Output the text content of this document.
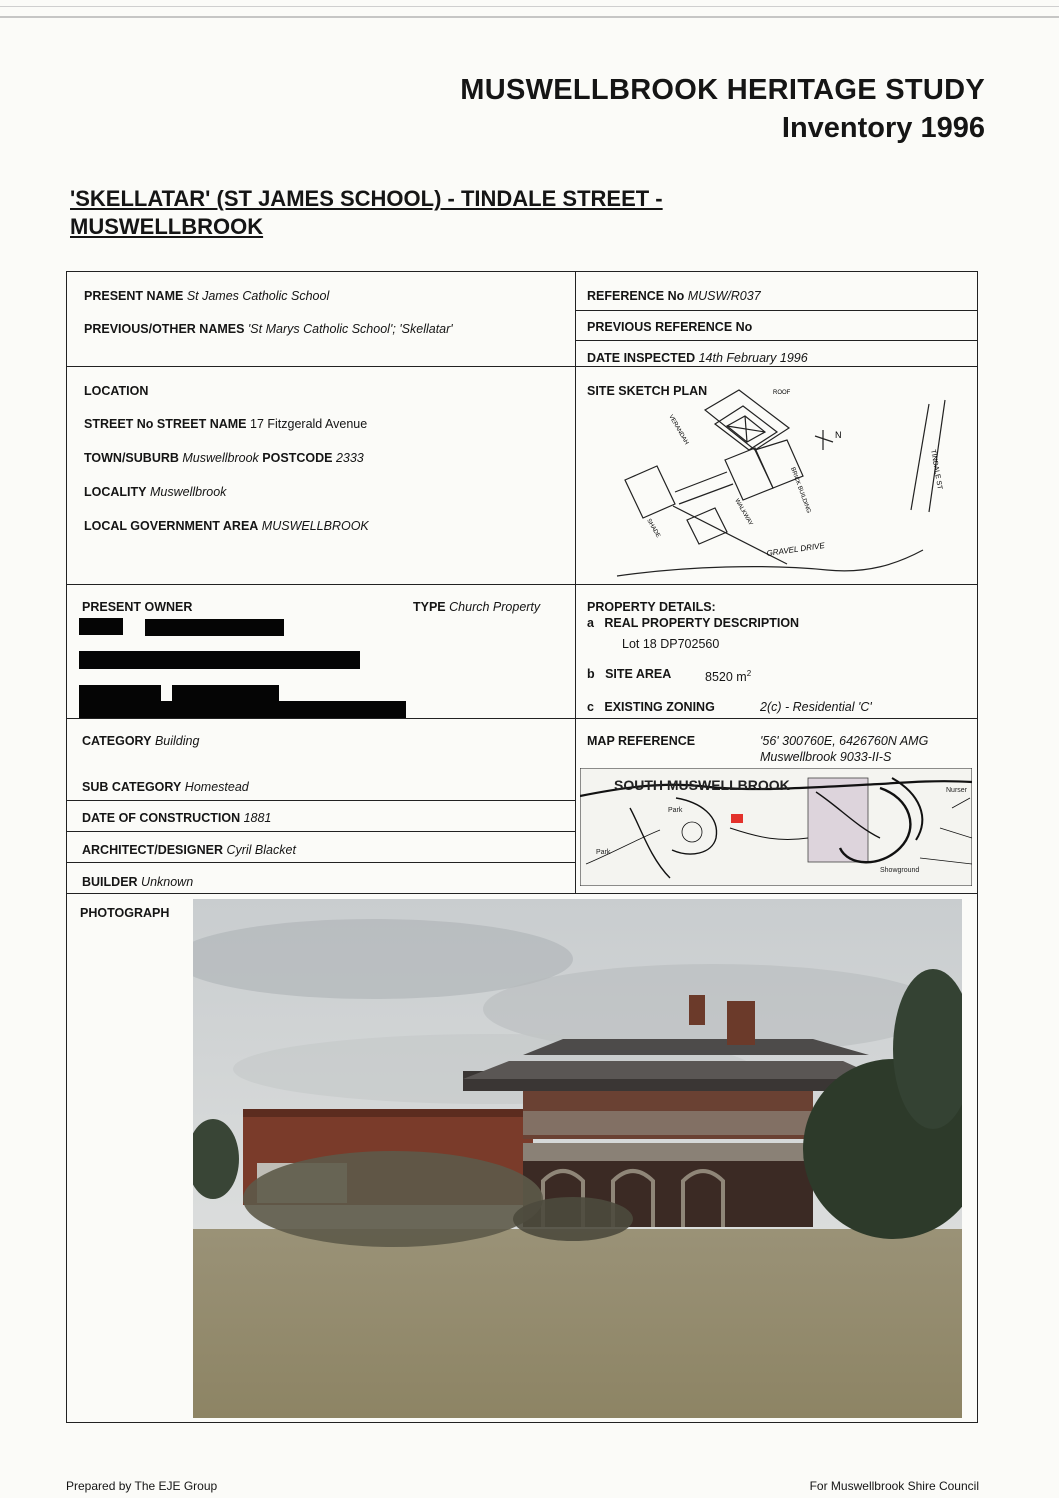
MUSWELLBROOK HERITAGE STUDY
Inventory 1996
'SKELLATAR' (ST JAMES SCHOOL) - TINDALE STREET - MUSWELLBROOK
PRESENT NAME St James Catholic School
PREVIOUS/OTHER NAMES 'St Marys Catholic School'; 'Skellatar'
REFERENCE No MUSW/R037
PREVIOUS REFERENCE No
DATE INSPECTED 14th February 1996
LOCATION
STREET No STREET NAME 17 Fitzgerald Avenue
TOWN/SUBURB Muswellbrook POSTCODE 2333
LOCALITY Muswellbrook
LOCAL GOVERNMENT AREA MUSWELLBROOK
SITE SKETCH PLAN
TINDALE ST
GRAVEL DRIVE
VERANDAH
ROOF
WALKWAY	BRICK BUILDING
SHADE
N
PRESENT OWNER	TYPE Church Property	PROPERTY DETAILS:
a REAL PROPERTY DESCRIPTION
Lot 18 DP702560
b SITE AREA	8520 $m^2$
c EXISTING ZONING	2(c) - Residential 'C'
CATEGORY Building
SUB CATEGORY Homestead
DATE OF CONSTRUCTION 1881
ARCHITECT/DESIGNER Cyril Blacket
BUILDER Unknown
MAP REFERENCE	'56' 300760E, 6426760N AMG
Muswellbrook 9033-II-S
SOUTH MUSWELLBROOK
Park
Park
Showground
Nurser
PHOTOGRAPH
Prepared by The EJE Group	For Muswellbrook Shire Council
